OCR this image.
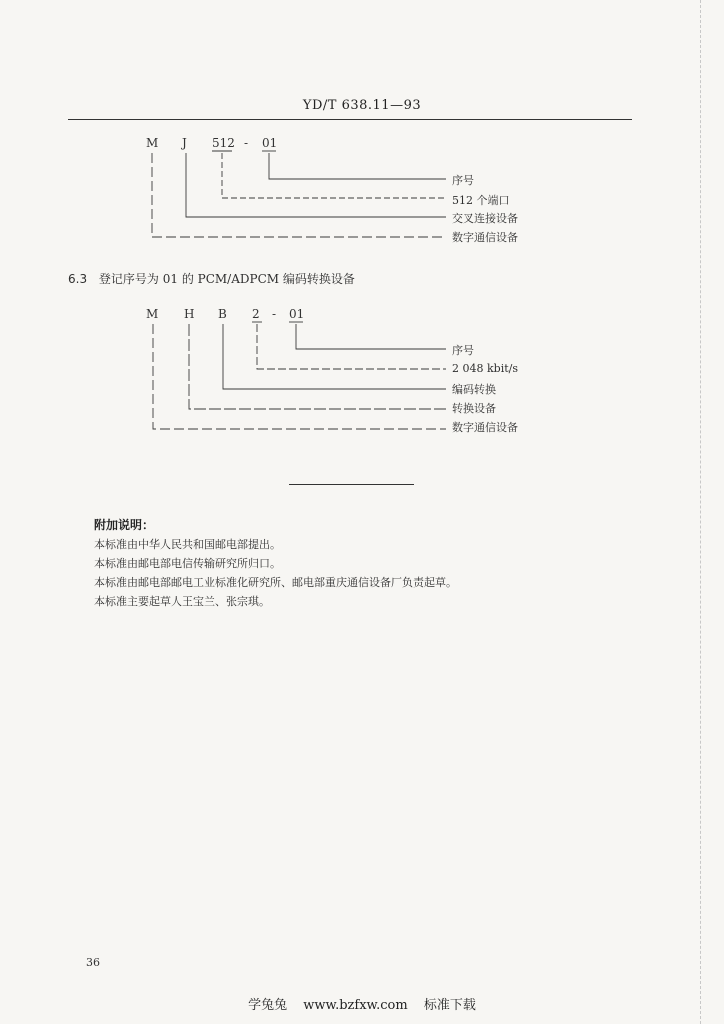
YD/T 638.11—93
M J 512 - 01
序号
512 个端口
交叉连接设备
数字通信设备
6.3 登记序号为 01 的 PCM/ADPCM 编码转换设备
M H B 2 - 01
序号
2 048 kbit/s
编码转换
转换设备
数字通信设备
附加说明：
本标准由中华人民共和国邮电部提出。
本标准由邮电部电信传输研究所归口。
本标准由邮电部邮电工业标准化研究所、邮电部重庆通信设备厂负责起草。
本标准主要起草人王宝兰、张宗琪。
36
学兔兔 www.bzfxw.com 标准下载
